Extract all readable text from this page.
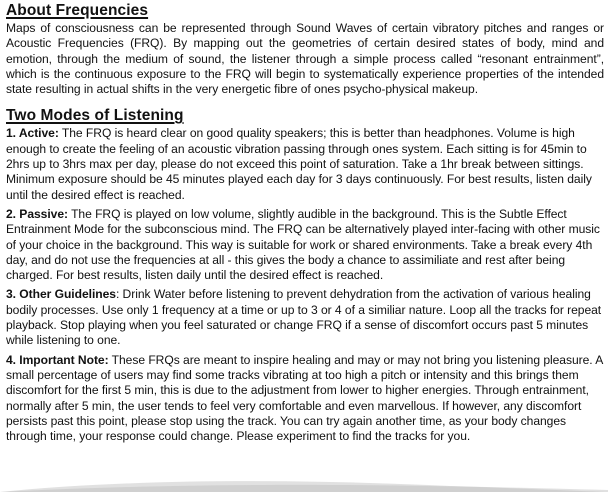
About Frequencies

Maps of consciousness can be represented through Sound Waves of certain vibratory pitches and ranges or Acoustic Frequencies (FRQ). By mapping out the geometries of certain desired states of body, mind and emotion, through the medium of sound, the listener through a simple process called “resonant entrainment”, which is the continuous exposure to the FRQ will begin to systematically experience properties of the intended state resulting in actual shifts in the very energetic fibre of ones psycho-physical makeup.

Two Modes of Listening

1. Active: The FRQ is heard clear on good quality speakers; this is better than headphones. Volume is high enough to create the feeling of an acoustic vibration passing through ones system. Each sitting is for 45min to 2hrs up to 3hrs max per day, please do not exceed this point of saturation. Take a 1hr break between sittings. Minimum exposure should be 45 minutes played each day for 3 days continuously. For best results, listen daily until the desired effect is reached.

2. Passive: The FRQ is played on low volume, slightly audible in the background. This is the Subtle Effect Entrainment Mode for the subconscious mind. The FRQ can be alternatively played inter-facing with other music of your choice in the background. This way is suitable for work or shared environments. Take a break every 4th day, and do not use the frequencies at all - this gives the body a chance to assimiliate and rest after being charged. For best results, listen daily until the desired effect is reached.

3. Other Guidelines: Drink Water before listening to prevent dehydration from the activation of various healing bodily processes. Use only 1 frequency at a time or up to 3 or 4 of a similiar nature. Loop all the tracks for repeat playback. Stop playing when you feel saturated or change FRQ if a sense of discomfort occurs past 5 minutes while listening to one.

4. Important Note: These FRQs are meant to inspire healing and may or may not bring you listening pleasure. A small percentage of users may find some tracks vibrating at too high a pitch or intensity and this brings them discomfort for the first 5 min, this is due to the adjustment from lower to higher energies. Through entrainment, normally after 5 min, the user tends to feel very comfortable and even marvellous. If however, any discomfort persists past this point, please stop using the track. You can try again another time, as your body changes through time, your response could change. Please experiment to find the tracks for you.
